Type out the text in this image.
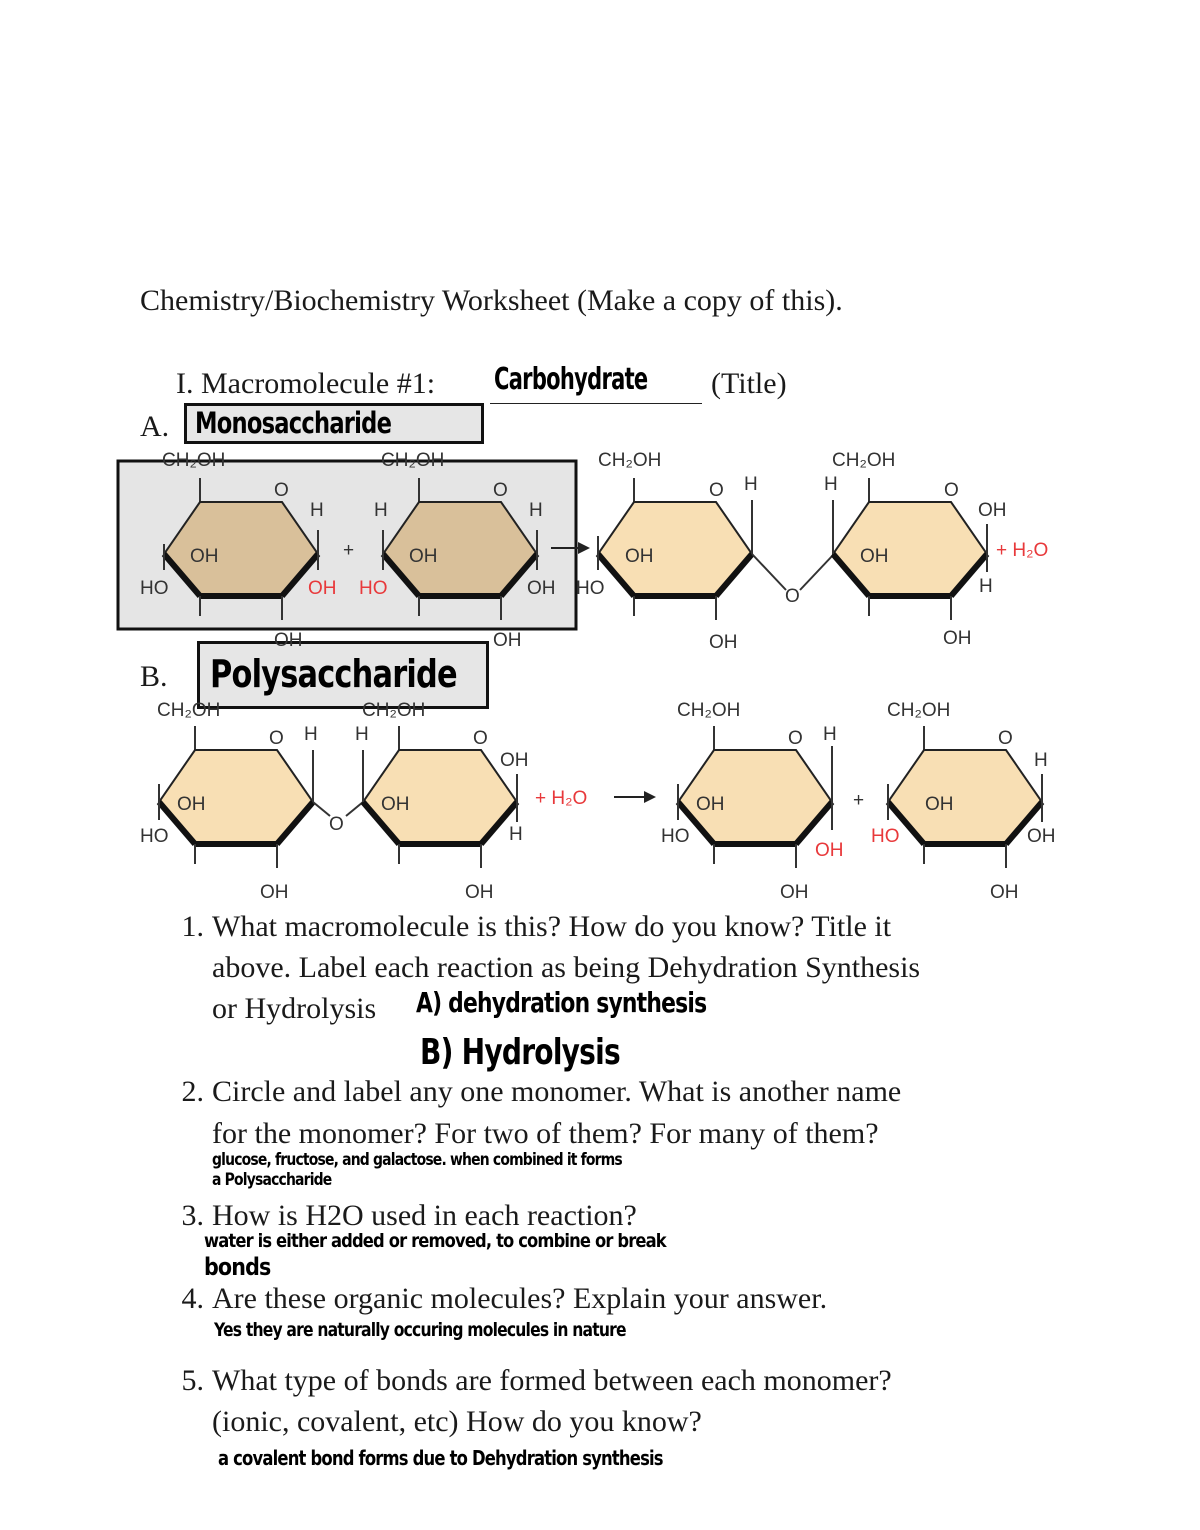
Chemistry/Biochemistry Worksheet (Make a copy of this).
I. Macromolecule #1: Carbohydrate (Title)
A. Monosaccharide
B.	Polysaccharide
CH₂OH
O
H
OH
HO	OH
OH
+
CH₂OH
O
H	H
OH
HO	OH
OH
CH₂OH
O H
OH
HO
OH
O
CH₂OH
O
H
OH
OH
H
OH
+ H₂O
CH₂OH
O H
OH
HO
OH
O
CH₂OH
O
H
OH
OH
H
OH
+ H₂O
CH₂OH
O H
OH
HO
OH
OH
+
CH₂OH
O
H
OH
HO	OH
OH
1. What macromolecule is this? How do you know? Title it
above. Label each reaction as being Dehydration Synthesis
or Hydrolysis A) dehydration synthesis
B) Hydrolysis
2. Circle and label any one monomer. What is another name
for the monomer? For two of them? For many of them?
glucose, fructose, and galactose. when combined it forms
a Polysaccharide
3. How is H2O used in each reaction?
water is either added or removed, to combine or break
bonds
4. Are these organic molecules? Explain your answer.
Yes they are naturally occuring molecules in nature
5. What type of bonds are formed between each monomer?
(ionic, covalent, etc) How do you know?
a covalent bond forms due to Dehydration synthesis
